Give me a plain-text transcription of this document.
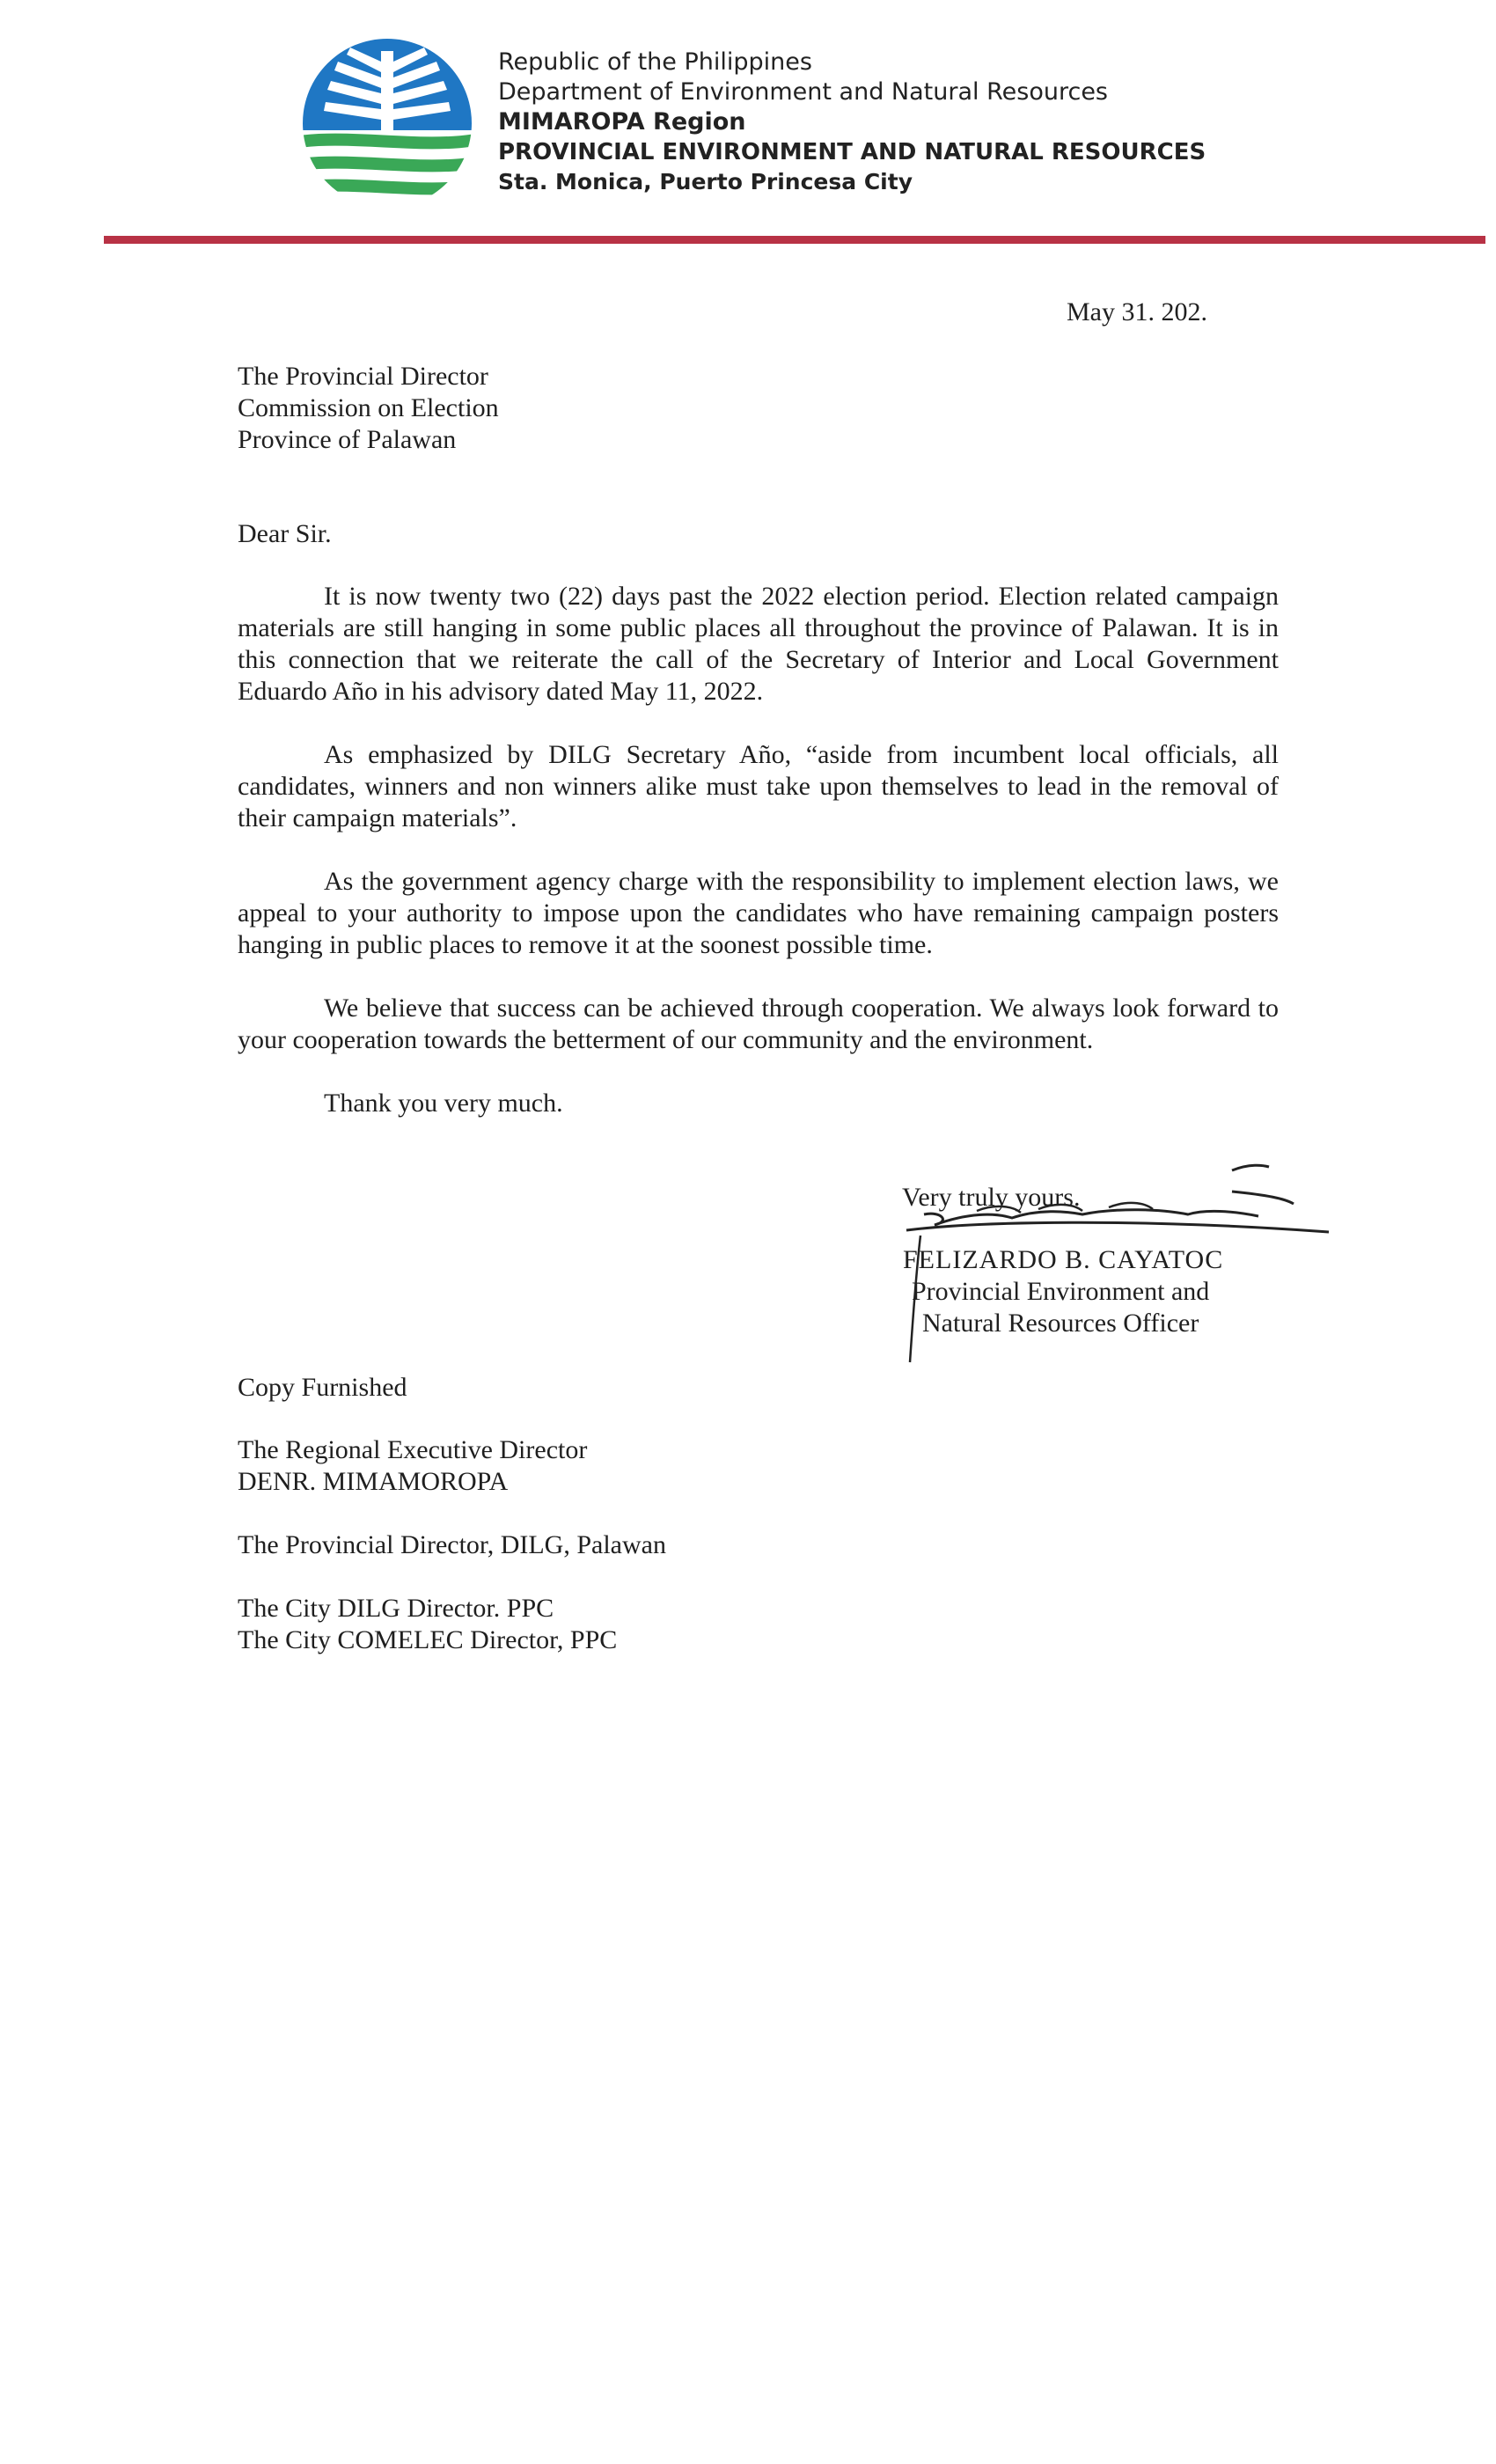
Republic of the Philippines
Department of Environment and Natural Resources
MIMAROPA Region
PROVINCIAL ENVIRONMENT AND NATURAL RESOURCES
Sta. Monica, Puerto Princesa City
May 31. 202.
The Provincial Director
Commission on Election
Province of Palawan
Dear Sir.

It is now twenty two (22) days past the 2022 election period. Election related campaign materials are still hanging in some public places all throughout the province of Palawan. It is in this connection that we reiterate the call of the Secretary of Interior and Local Government Eduardo Año in his advisory dated May 11, 2022.

As emphasized by DILG Secretary Año, “aside from incumbent local officials, all candidates, winners and non winners alike must take upon themselves to lead in the removal of their campaign materials”.

As the government agency charge with the responsibility to implement election laws, we appeal to your authority to impose upon the candidates who have remaining campaign posters hanging in public places to remove it at the soonest possible time.

We believe that success can be achieved through cooperation. We always look forward to your cooperation towards the betterment of our community and the environment.

Thank you very much.

Very truly yours.
FELIZARDO B. CAYATOC
Provincial Environment and
Natural Resources Officer
Copy Furnished
The Regional Executive Director
DENR. MIMAMOROPA
The Provincial Director, DILG, Palawan
The City DILG Director. PPC
The City COMELEC Director, PPC
